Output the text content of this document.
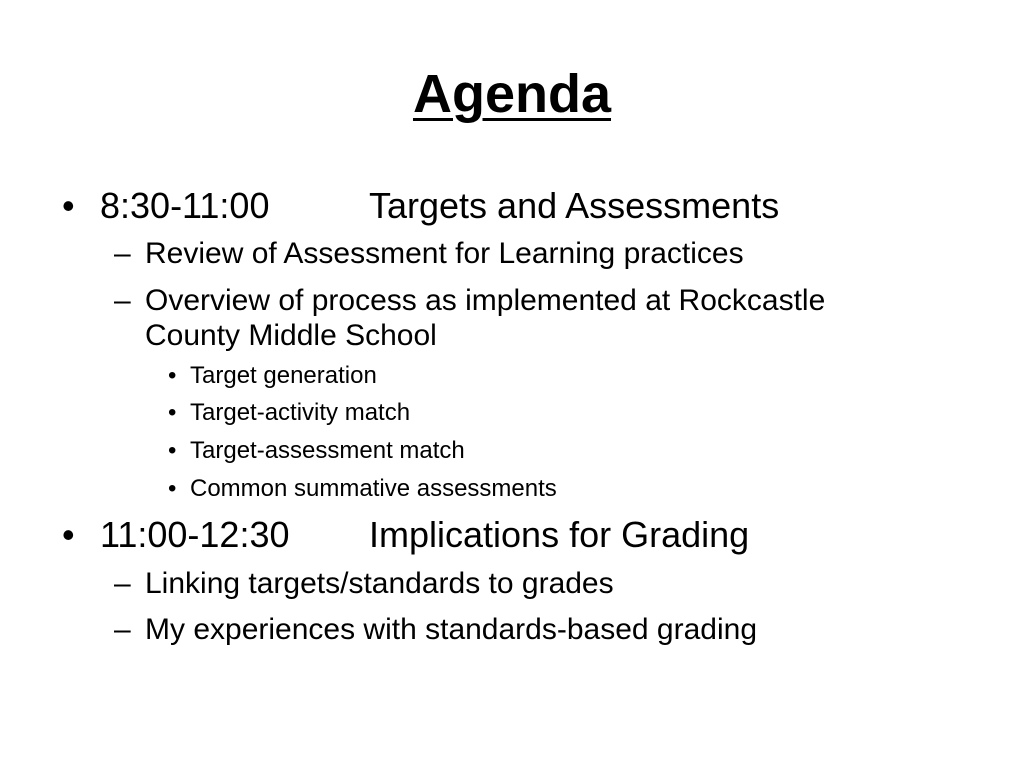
Agenda
• 8:30-11:00	Targets and Assessments
– Review of Assessment for Learning practices
– Overview of process as implemented at Rockcastle
County Middle School
• Target generation
• Target-activity match
• Target-assessment match
• Common summative assessments
• 11:00-12:30 Implications for Grading
– Linking targets/standards to grades
– My experiences with standards-based grading
